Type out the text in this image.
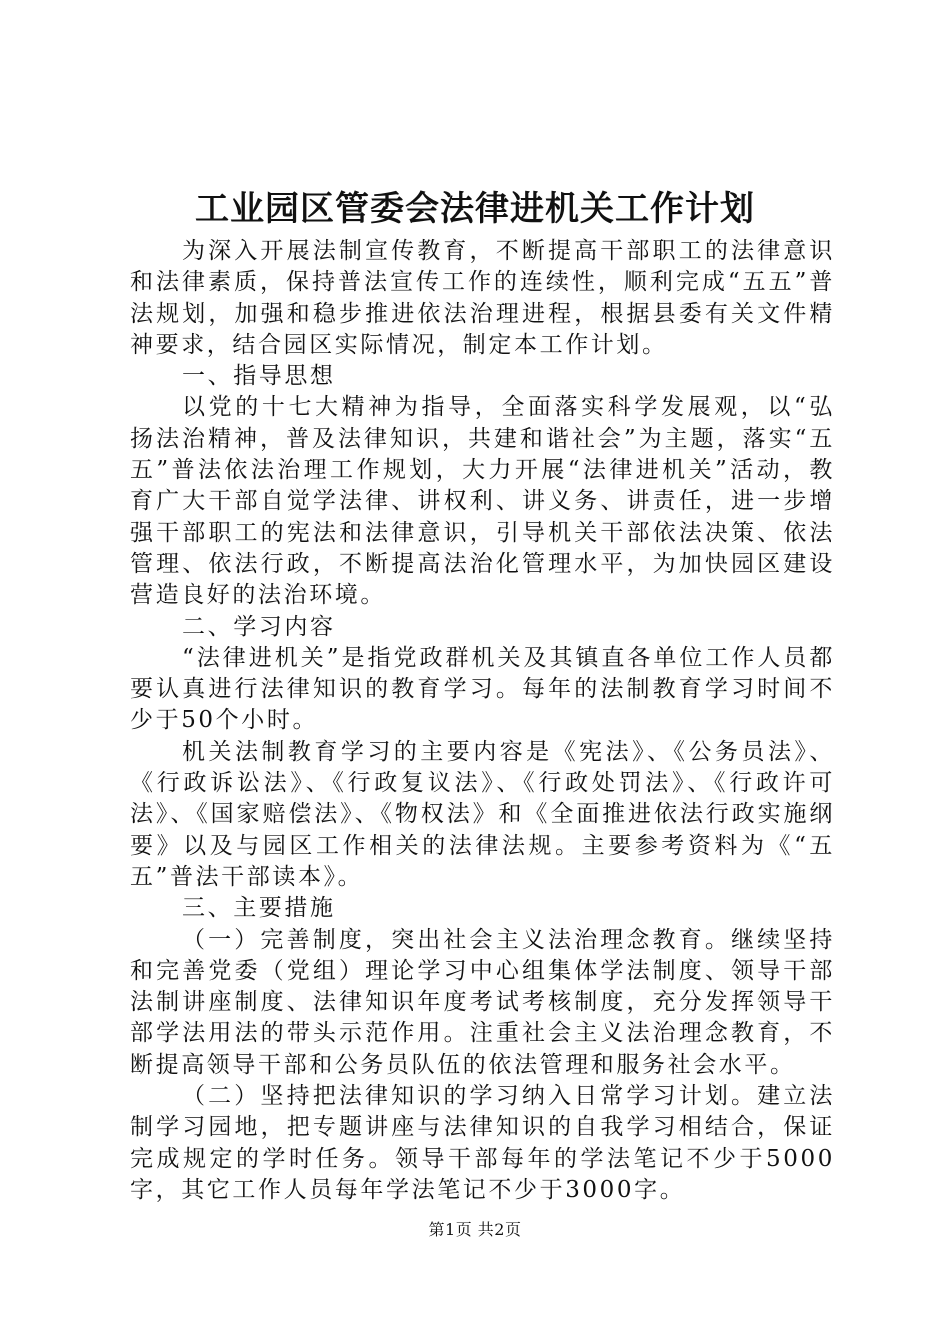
工业园区管委会法律进机关工作计划

为深入开展法制宣传教育，不断提高干部职工的法律意识和法律素质，保持普法宣传工作的连续性，顺利完成“五五”普法规划，加强和稳步推进依法治理进程，根据县委有关文件精神要求，结合园区实际情况，制定本工作计划。

一、指导思想

以党的十七大精神为指导，全面落实科学发展观，以“弘扬法治精神，普及法律知识，共建和谐社会”为主题，落实“五五”普法依法治理工作规划，大力开展“法律进机关”活动，教育广大干部自觉学法律、讲权利、讲义务、讲责任，进一步增强干部职工的宪法和法律意识，引导机关干部依法决策、依法管理、依法行政，不断提高法治化管理水平，为加快园区建设营造良好的法治环境。

二、学习内容

“法律进机关”是指党政群机关及其镇直各单位工作人员都要认真进行法律知识的教育学习。每年的法制教育学习时间不少于50个小时。

机关法制教育学习的主要内容是《宪法》、《公务员法》、《行政诉讼法》、《行政复议法》、《行政处罚法》、《行政许可法》、《国家赔偿法》、《物权法》和《全面推进依法行政实施纲要》以及与园区工作相关的法律法规。主要参考资料为《“五五”普法干部读本》。

三、主要措施

（一）完善制度，突出社会主义法治理念教育。继续坚持和完善党委（党组）理论学习中心组集体学法制度、领导干部法制讲座制度、法律知识年度考试考核制度，充分发挥领导干部学法用法的带头示范作用。注重社会主义法治理念教育，不断提高领导干部和公务员队伍的依法管理和服务社会水平。

（二）坚持把法律知识的学习纳入日常学习计划。建立法制学习园地，把专题讲座与法律知识的自我学习相结合，保证完成规定的学时任务。领导干部每年的学法笔记不少于5000字，其它工作人员每年学法笔记不少于3000字。

第1页 共2页
